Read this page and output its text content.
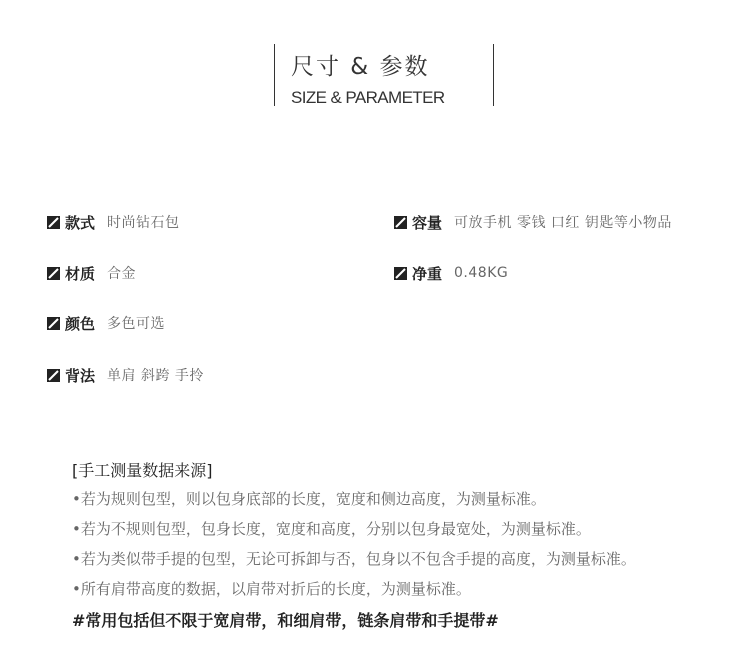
尺寸 & 参数
SIZE & PARAMETER
款式 时尚钻石包
材质 合金
颜色 多色可选
背法 单肩 斜跨 手拎
容量 可放手机 零钱 口红 钥匙等小物品
净重 0.48KG
[手工测量数据来源]
•若为规则包型，则以包身底部的长度，宽度和侧边高度，为测量标准。
•若为不规则包型，包身长度，宽度和高度，分别以包身最宽处，为测量标准。
•若为类似带手提的包型，无论可拆卸与否，包身以不包含手提的高度，为测量标准。
•所有肩带高度的数据，以肩带对折后的长度，为测量标准。
#常用包括但不限于宽肩带，和细肩带，链条肩带和手提带#
